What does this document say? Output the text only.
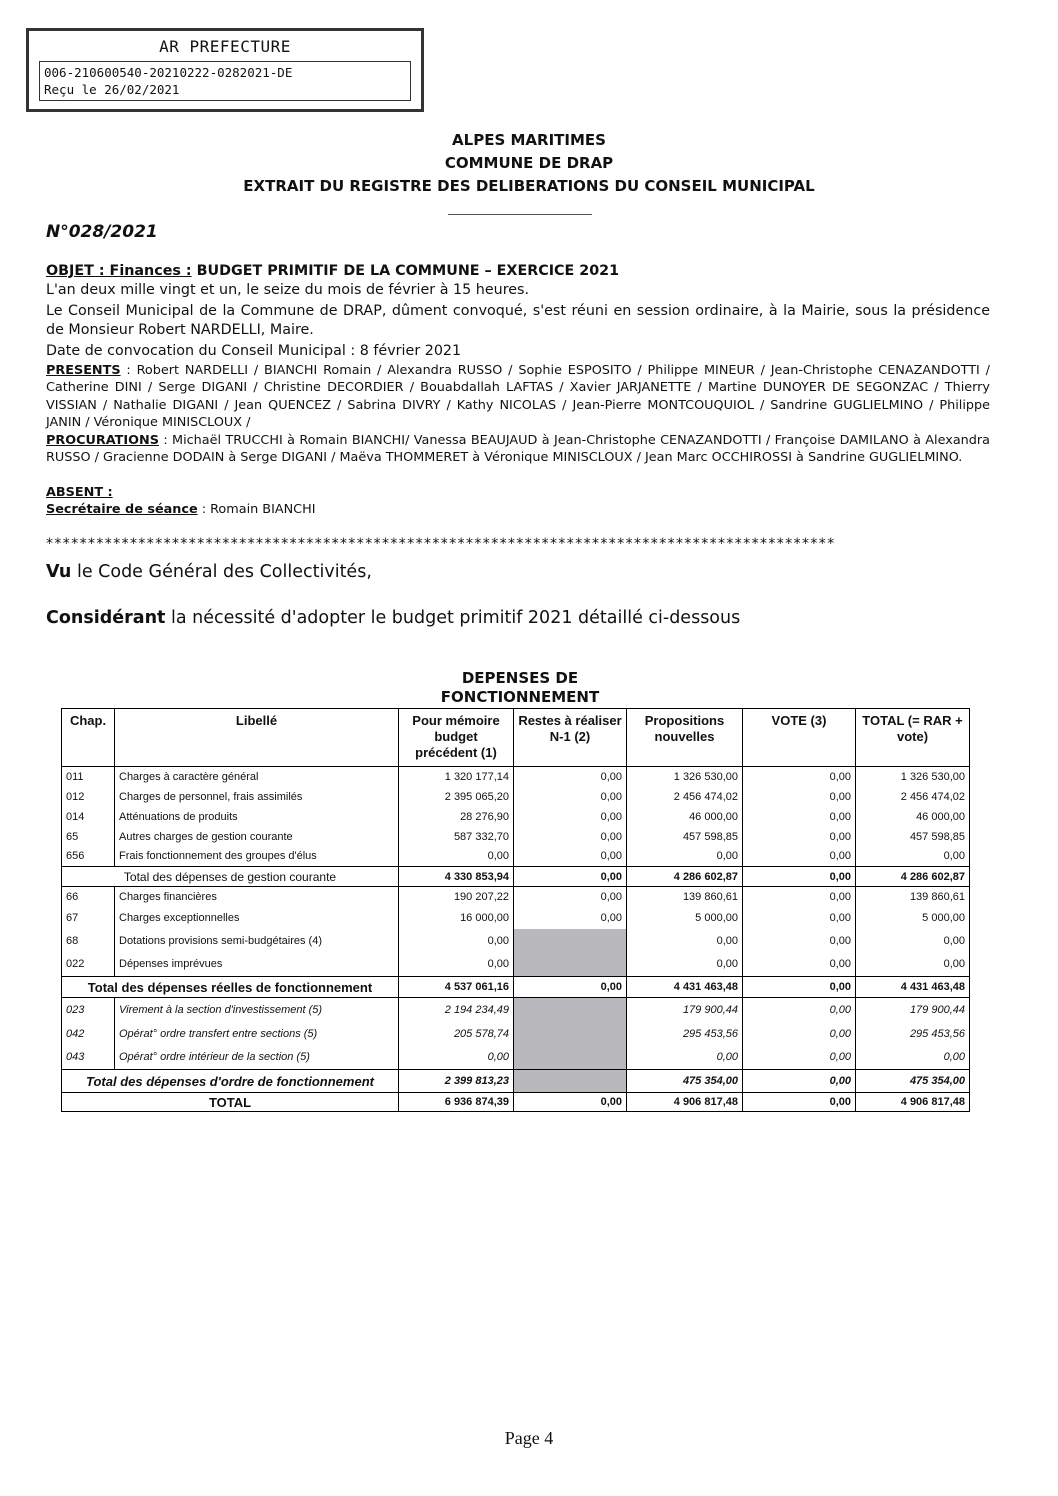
AR PREFECTURE
006-210600540-20210222-0282021-DE
Reçu le 26/02/2021
ALPES MARITIMES
COMMUNE DE DRAP
EXTRAIT DU REGISTRE DES DELIBERATIONS DU CONSEIL MUNICIPAL
N°028/2021
OBJET : Finances : BUDGET PRIMITIF DE LA COMMUNE – EXERCICE 2021
L'an deux mille vingt et un, le seize du mois de février à 15 heures.
Le Conseil Municipal de la Commune de DRAP, dûment convoqué, s'est réuni en session ordinaire, à la Mairie, sous la présidence de Monsieur Robert NARDELLI, Maire.
Date de convocation du Conseil Municipal : 8 février 2021
PRESENTS : Robert NARDELLI / BIANCHI Romain / Alexandra RUSSO / Sophie ESPOSITO / Philippe MINEUR / Jean-Christophe CENAZANDOTTI / Catherine DINI / Serge DIGANI / Christine DECORDIER / Bouabdallah LAFTAS / Xavier JARJANETTE / Martine DUNOYER DE SEGONZAC / Thierry VISSIAN / Nathalie DIGANI / Jean QUENCEZ / Sabrina DIVRY / Kathy NICOLAS / Jean-Pierre MONTCOUQUIOL / Sandrine GUGLIELMINO / Philippe JANIN / Véronique MINISCLOUX /
PROCURATIONS : Michaël TRUCCHI à Romain BIANCHI/ Vanessa BEAUJAUD à Jean-Christophe CENAZANDOTTI / Françoise DAMILANO à Alexandra RUSSO / Gracienne DODAIN à Serge DIGANI / Maëva THOMMERET à Véronique MINISCLOUX / Jean Marc OCCHIROSSI à Sandrine GUGLIELMINO.
ABSENT :
Secrétaire de séance : Romain BIANCHI
**********************************************************************************************
Vu le Code Général des Collectivités,
Considérant la nécessité d'adopter le budget primitif 2021 détaillé ci-dessous
DEPENSES DE
FONCTIONNEMENT
Chap.	Libellé	Pour mémoire budget précédent (1)	Restes à réaliser N-1 (2)	Propositions nouvelles	VOTE (3)	TOTAL (= RAR + vote)
011	Charges à caractère général	1 320 177,14	0,00	1 326 530,00	0,00	1 326 530,00
012	Charges de personnel, frais assimilés	2 395 065,20	0,00	2 456 474,02	0,00	2 456 474,02
014	Atténuations de produits	28 276,90	0,00	46 000,00	0,00	46 000,00
65	Autres charges de gestion courante	587 332,70	0,00	457 598,85	0,00	457 598,85
656	Frais fonctionnement des groupes d'élus	0,00	0,00	0,00	0,00	0,00
Total des dépenses de gestion courante		4 330 853,94	0,00	4 286 602,87	0,00	4 286 602,87
66	Charges financières	190 207,22	0,00	139 860,61	0,00	139 860,61
67	Charges exceptionnelles	16 000,00	0,00	5 000,00	0,00	5 000,00
68	Dotations provisions semi-budgétaires (4)	0,00		0,00	0,00	0,00
022	Dépenses imprévues	0,00		0,00	0,00	0,00
Total des dépenses réelles de fonctionnement		4 537 061,16	0,00	4 431 463,48	0,00	4 431 463,48
023	Virement à la section d'investissement (5)	2 194 234,49		179 900,44	0,00	179 900,44
042	Opérat° ordre transfert entre sections (5)	205 578,74		295 453,56	0,00	295 453,56
043	Opérat° ordre intérieur de la section (5)	0,00		0,00	0,00	0,00
Total des dépenses d'ordre de fonctionnement		2 399 813,23		475 354,00	0,00	475 354,00
TOTAL		6 936 874,39	0,00	4 906 817,48	0,00	4 906 817,48
Page 4
